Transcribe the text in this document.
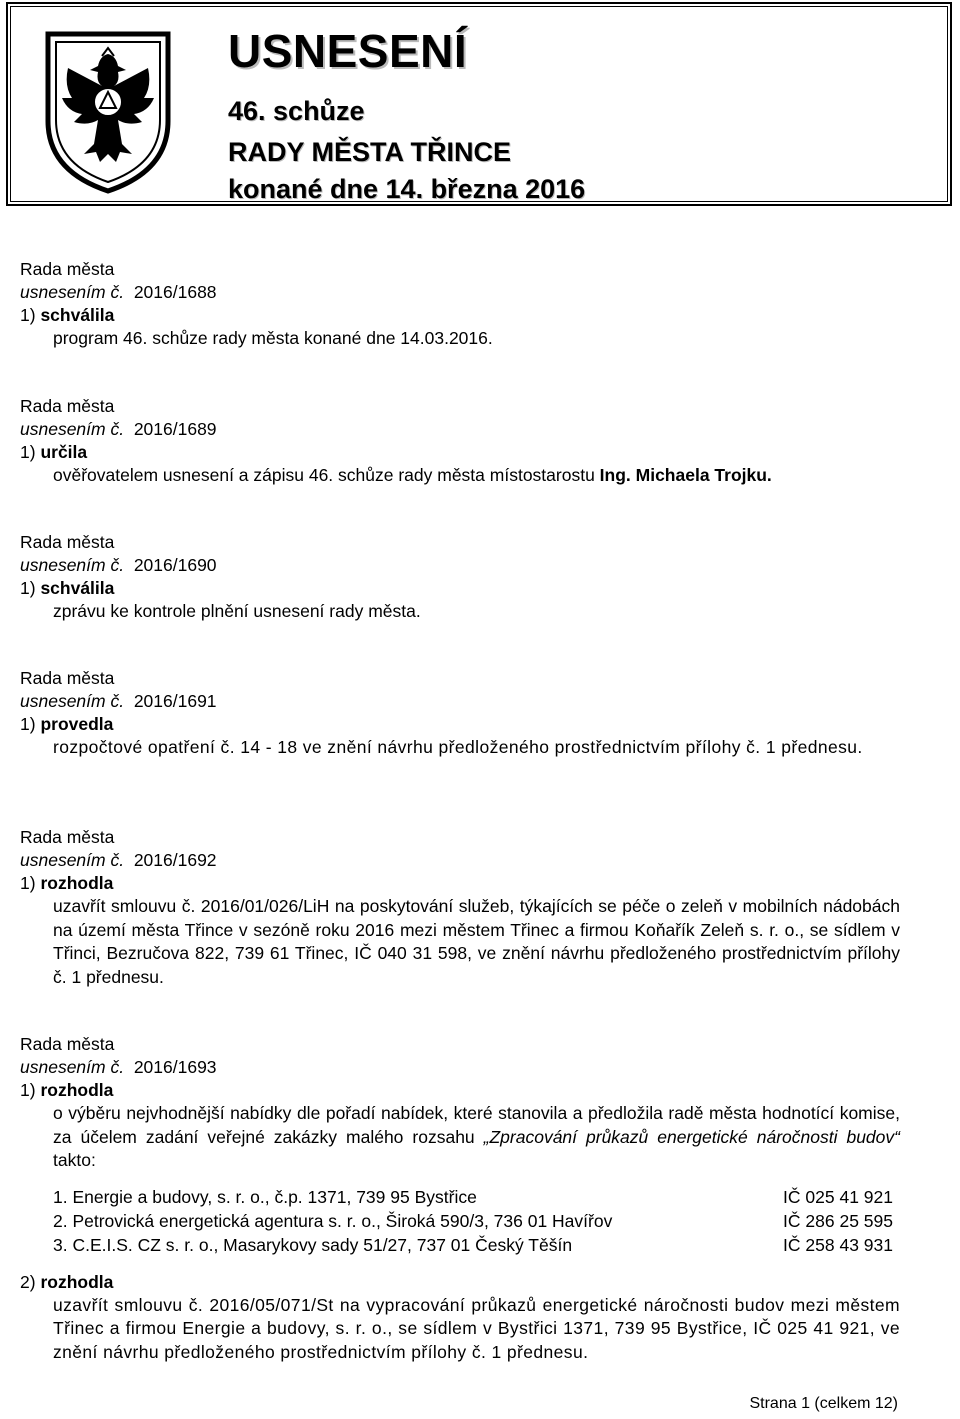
USNESENÍ
46. schůze
RADY MĚSTA TŘINCE
konané dne 14. března 2016
Rada města
usnesením č. 2016/1688
1) schválila
program 46. schůze rady města konané dne 14.03.2016.
Rada města
usnesením č. 2016/1689
1) určila
ověřovatelem usnesení a zápisu 46. schůze rady města místostarostu Ing. Michaela Trojku.
Rada města
usnesením č. 2016/1690
1) schválila
zprávu ke kontrole plnění usnesení rady města.
Rada města
usnesením č. 2016/1691
1) provedla
rozpočtové opatření č. 14 - 18 ve znění návrhu předloženého prostřednictvím přílohy č. 1 přednesu.
Rada města
usnesením č. 2016/1692
1) rozhodla
uzavřít smlouvu č. 2016/01/026/LiH na poskytování služeb, týkajících se péče o zeleň v mobilních nádobách na území města Třince v sezóně roku 2016 mezi městem Třinec a firmou Koňařík Zeleň s. r. o., se sídlem v Třinci, Bezručova 822, 739 61 Třinec, IČ 040 31 598, ve znění návrhu předloženého prostřednictvím přílohy č. 1 přednesu.
Rada města
usnesením č. 2016/1693
1) rozhodla
o výběru nejvhodnější nabídky dle pořadí nabídek, které stanovila a předložila radě města hodnotící komise, za účelem zadání veřejné zakázky malého rozsahu „Zpracování průkazů energetické náročnosti budov“ takto:
1. Energie a budovy, s. r. o., č.p. 1371, 739 95 Bystřice	IČ 025 41 921
2. Petrovická energetická agentura s. r. o., Široká 590/3, 736 01 Havířov	IČ 286 25 595
3. C.E.I.S. CZ s. r. o., Masarykovy sady 51/27, 737 01 Český Těšín	IČ 258 43 931
2) rozhodla
uzavřít smlouvu č. 2016/05/071/St na vypracování průkazů energetické náročnosti budov mezi městem Třinec a firmou Energie a budovy, s. r. o., se sídlem v Bystřici 1371, 739 95 Bystřice, IČ 025 41 921, ve znění návrhu předloženého prostřednictvím přílohy č. 1 přednesu.
Strana 1 (celkem 12)
